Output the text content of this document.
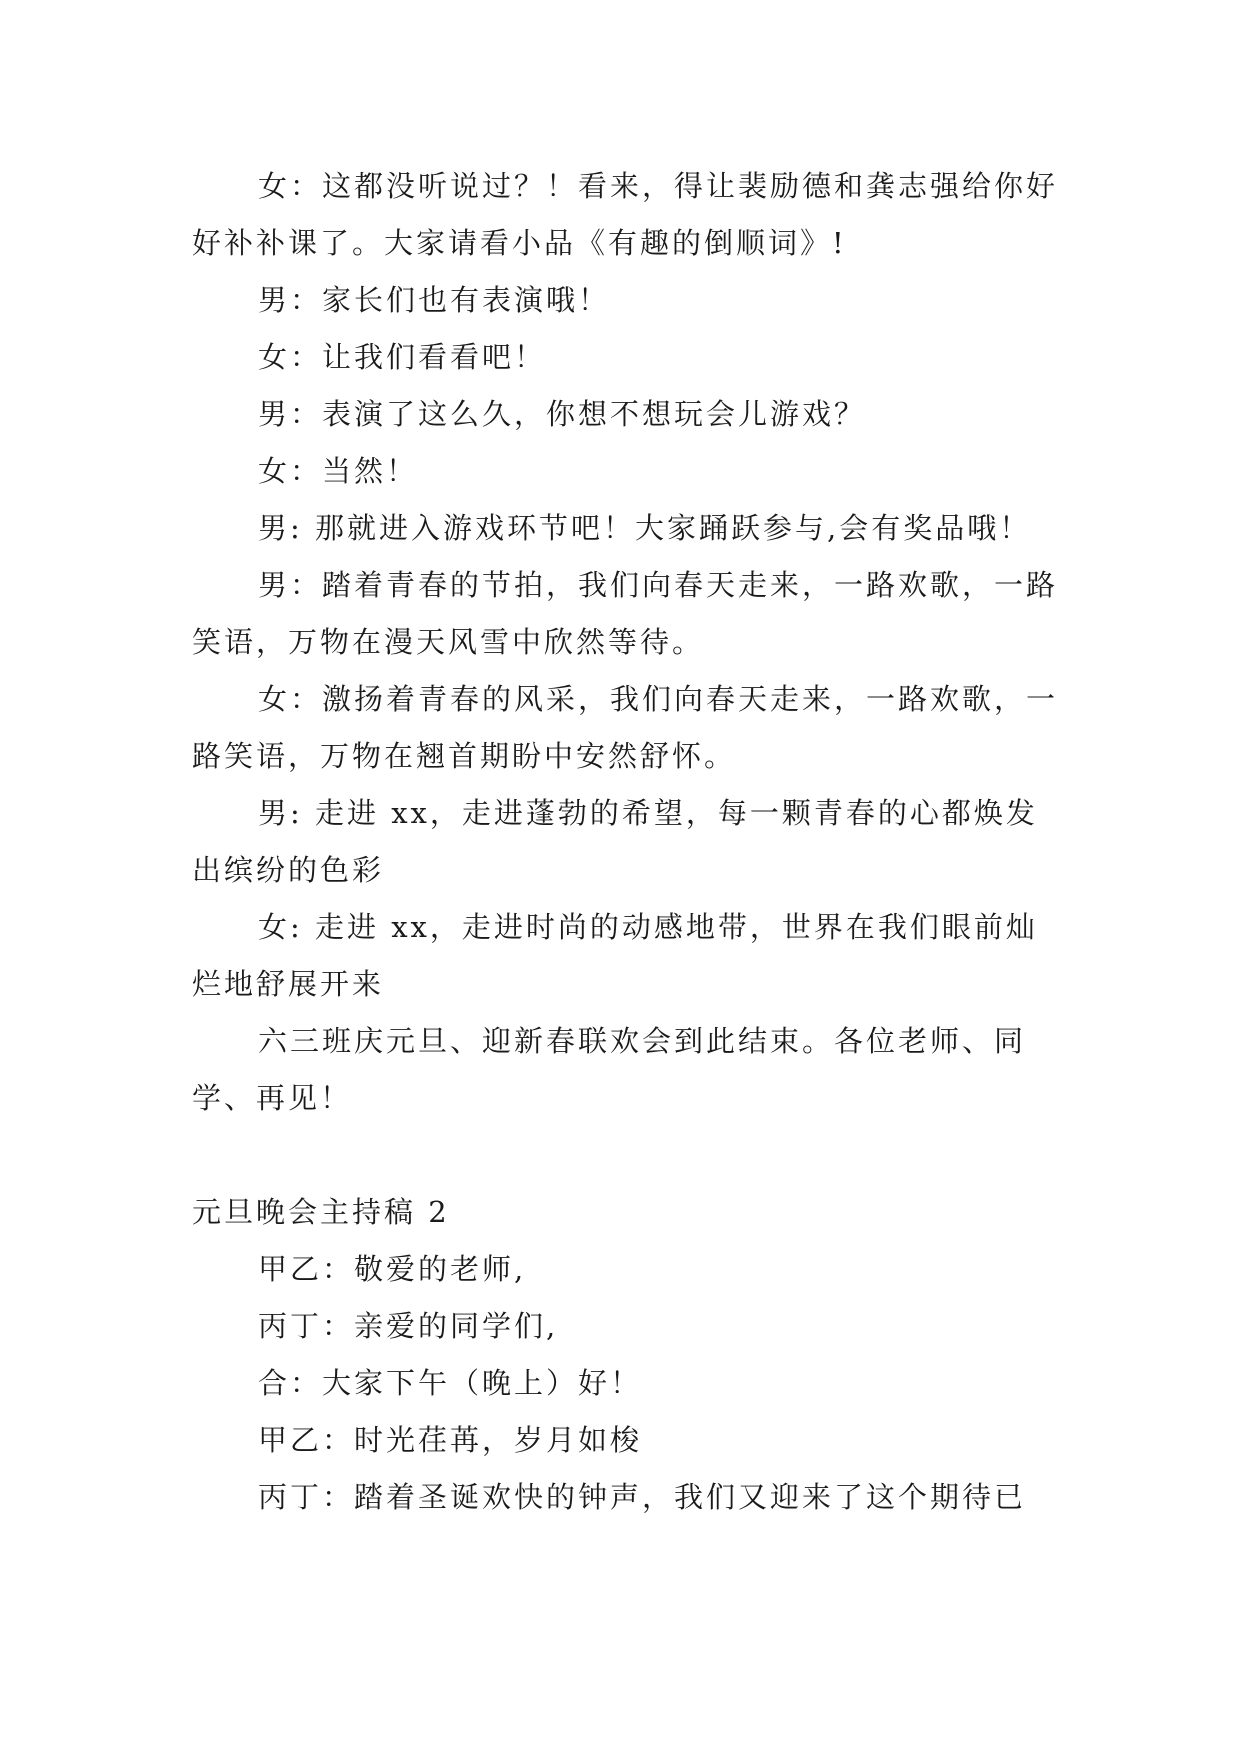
女：这都没听说过？！看来，得让裴励德和龚志强给你好好补补课了。大家请看小品《有趣的倒顺词》!

男：家长们也有表演哦！

女：让我们看看吧！

男：表演了这么久，你想不想玩会儿游戏？

女：当然！

男: 那就进入游戏环节吧！大家踊跃参与,会有奖品哦！

男：踏着青春的节拍，我们向春天走来，一路欢歌，一路笑语，万物在漫天风雪中欣然等待。

女：激扬着青春的风采，我们向春天走来，一路欢歌，一路笑语，万物在翘首期盼中安然舒怀。

男: 走进 xx，走进蓬勃的希望，每一颗青春的心都焕发出缤纷的色彩

女: 走进 xx，走进时尚的动感地带，世界在我们眼前灿烂地舒展开来

六三班庆元旦、迎新春联欢会到此结束。各位老师、同学、再见！

元旦晚会主持稿 2

甲乙：敬爱的老师,

丙丁：亲爱的同学们,

合：大家下午（晚上）好！

甲乙：时光荏苒，岁月如梭

丙丁：踏着圣诞欢快的钟声，我们又迎来了这个期待已
